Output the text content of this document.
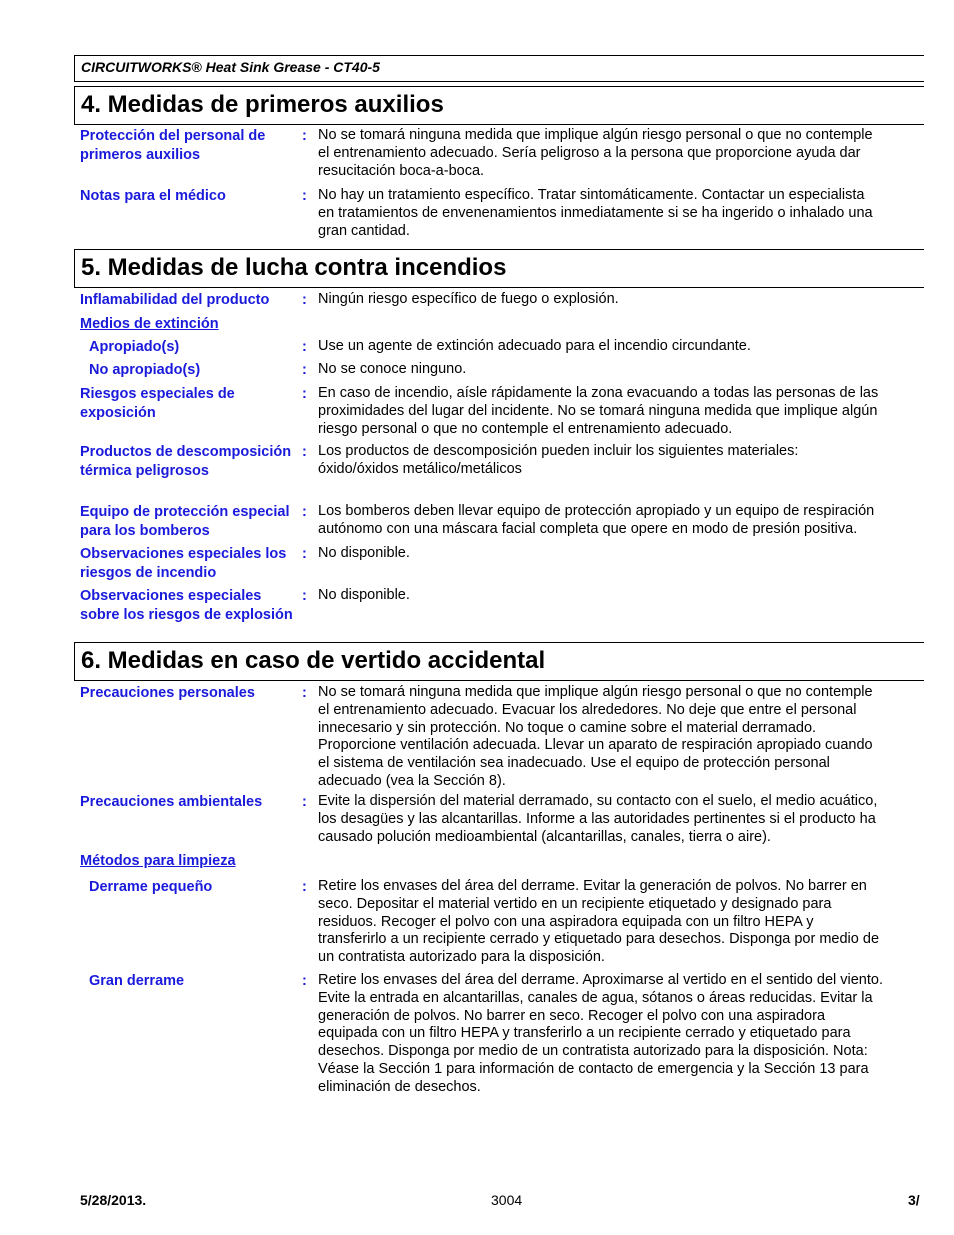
CIRCUITWORKS® Heat Sink Grease - CT40-5
4. Medidas de primeros auxilios
Protección del personal de primeros auxilios
: No se tomará ninguna medida que implique algún riesgo personal o que no contemple
el entrenamiento adecuado. Sería peligroso a la persona que proporcione ayuda dar
resucitación boca-a-boca.
Notas para el médico	: No hay un tratamiento específico. Tratar sintomáticamente. Contactar un especialista
en tratamientos de envenenamientos inmediatamente si se ha ingerido o inhalado una
gran cantidad.
5. Medidas de lucha contra incendios
Inflamabilidad del producto	: Ningún riesgo específico de fuego o explosión.
Medios de extinción
Apropiado(s)	: Use un agente de extinción adecuado para el incendio circundante.
No apropiado(s)	: No se conoce ninguno.
Riesgos especiales de exposición
: En caso de incendio, aísle rápidamente la zona evacuando a todas las personas de las
proximidades del lugar del incidente. No se tomará ninguna medida que implique algún
riesgo personal o que no contemple el entrenamiento adecuado.
Productos de descomposición térmica peligrosos
: Los productos de descomposición pueden incluir los siguientes materiales:
óxido/óxidos metálico/metálicos
Equipo de protección especial para los bomberos
: Los bomberos deben llevar equipo de protección apropiado y un equipo de respiración
autónomo con una máscara facial completa que opere en modo de presión positiva.
Observaciones especiales los riesgos de incendio
: No disponible.
Observaciones especiales sobre los riesgos de explosión
: No disponible.
6. Medidas en caso de vertido accidental
Precauciones personales	: No se tomará ninguna medida que implique algún riesgo personal o que no contemple
el entrenamiento adecuado. Evacuar los alrededores. No deje que entre el personal
innecesario y sin protección. No toque o camine sobre el material derramado.
Proporcione ventilación adecuada. Llevar un aparato de respiración apropiado cuando
el sistema de ventilación sea inadecuado. Use el equipo de protección personal
adecuado (vea la Sección 8).
Precauciones ambientales	: Evite la dispersión del material derramado, su contacto con el suelo, el medio acuático,
los desagües y las alcantarillas. Informe a las autoridades pertinentes si el producto ha
causado polución medioambiental (alcantarillas, canales, tierra o aire).
Métodos para limpieza
Derrame pequeño	: Retire los envases del área del derrame. Evitar la generación de polvos. No barrer en
seco. Depositar el material vertido en un recipiente etiquetado y designado para
residuos. Recoger el polvo con una aspiradora equipada con un filtro HEPA y
transferirlo a un recipiente cerrado y etiquetado para desechos. Disponga por medio de
un contratista autorizado para la disposición.
Gran derrame	: Retire los envases del área del derrame. Aproximarse al vertido en el sentido del viento.
Evite la entrada en alcantarillas, canales de agua, sótanos o áreas reducidas. Evitar la
generación de polvos. No barrer en seco. Recoger el polvo con una aspiradora
equipada con un filtro HEPA y transferirlo a un recipiente cerrado y etiquetado para
desechos. Disponga por medio de un contratista autorizado para la disposición. Nota:
Véase la Sección 1 para información de contacto de emergencia y la Sección 13 para
eliminación de desechos.
5/28/2013.	3004	3/
